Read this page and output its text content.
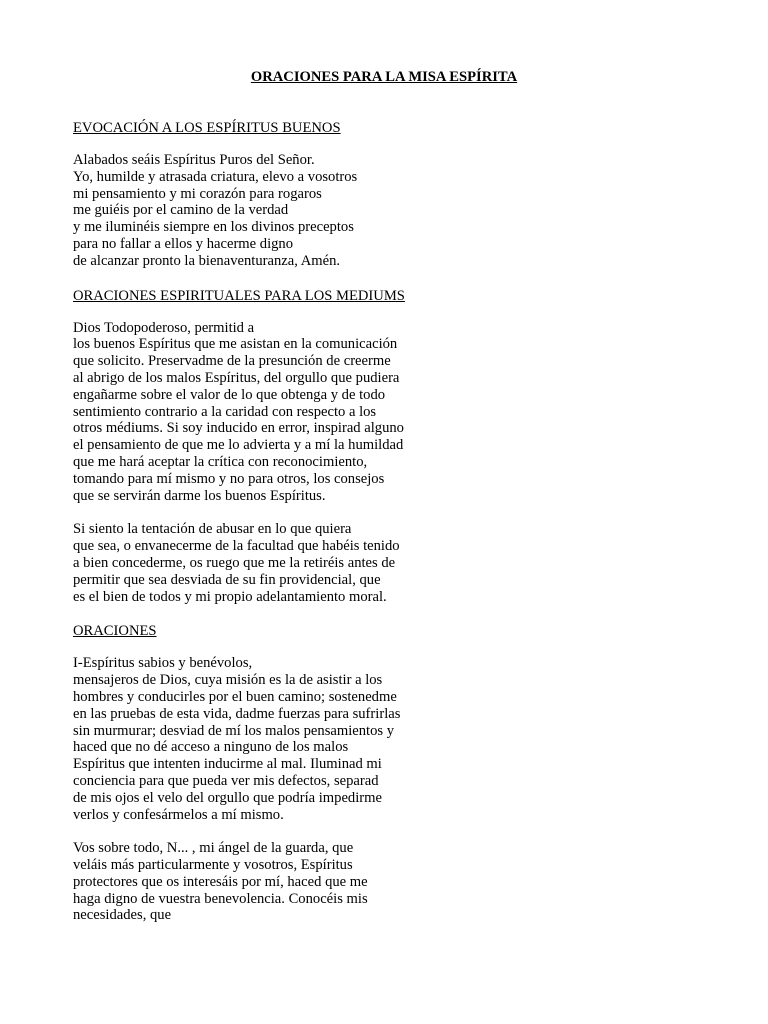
ORACIONES PARA LA MISA ESPÍRITA
EVOCACIÓN A LOS ESPÍRITUS BUENOS
Alabados seáis Espíritus Puros del Señor.
Yo, humilde y atrasada criatura, elevo a vosotros
mi pensamiento y mi corazón para rogaros
me guiéis por el camino de la verdad
y me iluminéis siempre en los divinos preceptos
para no fallar a ellos y hacerme digno
de alcanzar pronto la bienaventuranza, Amén.
ORACIONES ESPIRITUALES PARA LOS MEDIUMS
Dios Todopoderoso, permitid a
los buenos Espíritus que me asistan en la comunicación
que solicito. Preservadme de la presunción de creerme
al abrigo de los malos Espíritus, del orgullo que pudiera
engañarme sobre el valor de lo que obtenga y de todo
sentimiento contrario a la caridad con respecto a los
otros médiums. Si soy inducido en error, inspirad alguno
el pensamiento de que me lo advierta y a mí la humildad
que me hará aceptar la crítica con reconocimiento,
tomando para mí mismo y no para otros, los consejos
que se servirán darme los buenos Espíritus.
Si siento la tentación de abusar en lo que quiera
que sea, o envanecerme de la facultad que habéis tenido
a bien concederme, os ruego que me la retiréis antes de
permitir que sea desviada de su fin providencial, que
es el bien de todos y mi propio adelantamiento moral.
ORACIONES
I-Espíritus sabios y benévolos,
mensajeros de Dios, cuya misión es la de asistir a los
hombres y conducirles por el buen camino; sostenedme
en las pruebas de esta vida, dadme fuerzas para sufrirlas
sin murmurar; desviad de mí los malos pensamientos y
haced que no dé acceso a ninguno de los malos
Espíritus que intenten inducirme al mal. Iluminad mi
conciencia para que pueda ver mis defectos, separad
de mis ojos el velo del orgullo que podría impedirme
verlos y confesármelos a mí mismo.
Vos sobre todo, N... , mi ángel de la guarda, que
veláis más particularmente y vosotros, Espíritus
protectores que os interesáis por mí, haced que me
haga digno de vuestra benevolencia. Conocéis mis
necesidades, que
